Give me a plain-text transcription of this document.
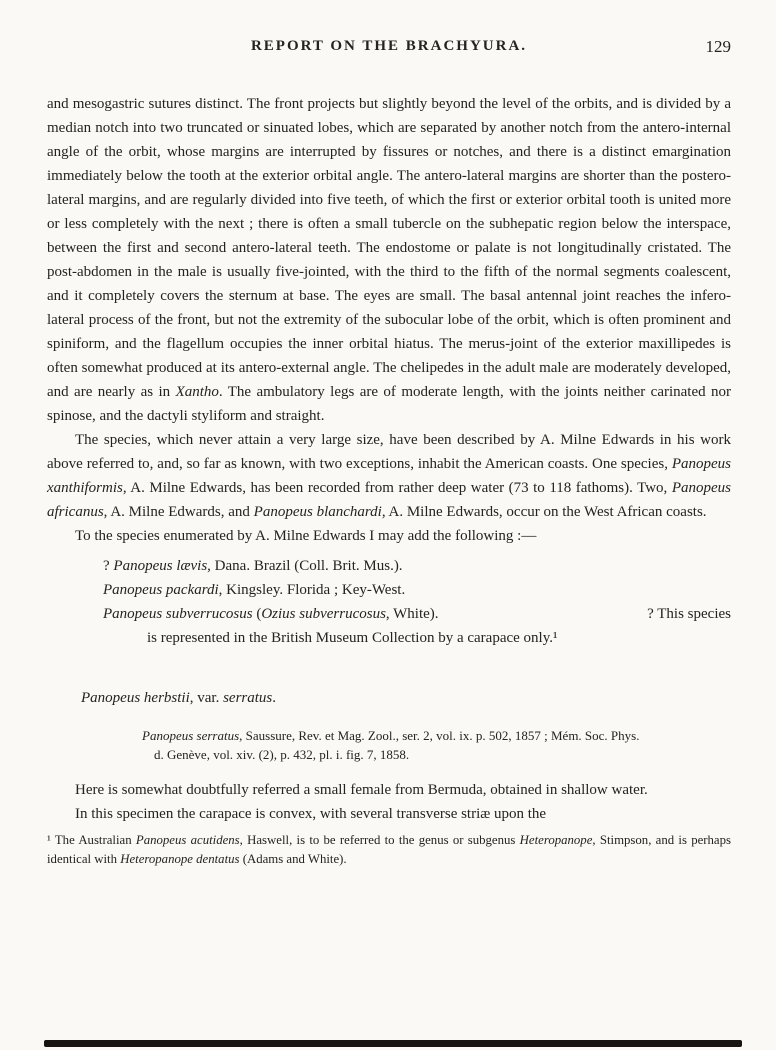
REPORT ON THE BRACHYURA.	129

and mesogastric sutures distinct. The front projects but slightly beyond the level of the orbits, and is divided by a median notch into two truncated or sinuated lobes, which are separated by another notch from the antero-internal angle of the orbit, whose margins are interrupted by fissures or notches, and there is a distinct emargination immediately below the tooth at the exterior orbital angle. The antero-lateral margins are shorter than the postero-lateral margins, and are regularly divided into five teeth, of which the first or exterior orbital tooth is united more or less completely with the next ; there is often a small tubercle on the subhepatic region below the interspace, between the first and second antero-lateral teeth. The endostome or palate is not longitudinally cristated. The post-abdomen in the male is usually five-jointed, with the third to the fifth of the normal segments coalescent, and it completely covers the sternum at base. The eyes are small. The basal antennal joint reaches the infero-lateral process of the front, but not the extremity of the subocular lobe of the orbit, which is often prominent and spiniform, and the flagellum occupies the inner orbital hiatus. The merus-joint of the exterior maxillipedes is often somewhat produced at its antero-external angle. The chelipedes in the adult male are moderately developed, and are nearly as in Xantho. The ambulatory legs are of moderate length, with the joints neither carinated nor spinose, and the dactyli styliform and straight.

The species, which never attain a very large size, have been described by A. Milne Edwards in his work above referred to, and, so far as known, with two exceptions, inhabit the American coasts. One species, Panopeus xanthiformis, A. Milne Edwards, has been recorded from rather deep water (73 to 118 fathoms). Two, Panopeus africanus, A. Milne Edwards, and Panopeus blanchardi, A. Milne Edwards, occur on the West African coasts.

To the species enumerated by A. Milne Edwards I may add the following :—

? Panopeus lævis, Dana. Brazil (Coll. Brit. Mus.).
Panopeus packardi, Kingsley. Florida ; Key-West.
Panopeus subverrucosus (Ozius subverrucosus, White).	? This species
is represented in the British Museum Collection by a carapace only.¹
Panopeus herbstii, var. serratus.
Panopeus serratus, Saussure, Rev. et Mag. Zool., ser. 2, vol. ix. p. 502, 1857 ; Mém. Soc. Phys.
d. Genève, vol. xiv. (2), p. 432, pl. i. fig. 7, 1858.

Here is somewhat doubtfully referred a small female from Bermuda, obtained in shallow water.

In this specimen the carapace is convex, with several transverse striæ upon the

¹ The Australian Panopeus acutidens, Haswell, is to be referred to the genus or subgenus Heteropanope, Stimpson, and is perhaps identical with Heteropanope dentatus (Adams and White).
